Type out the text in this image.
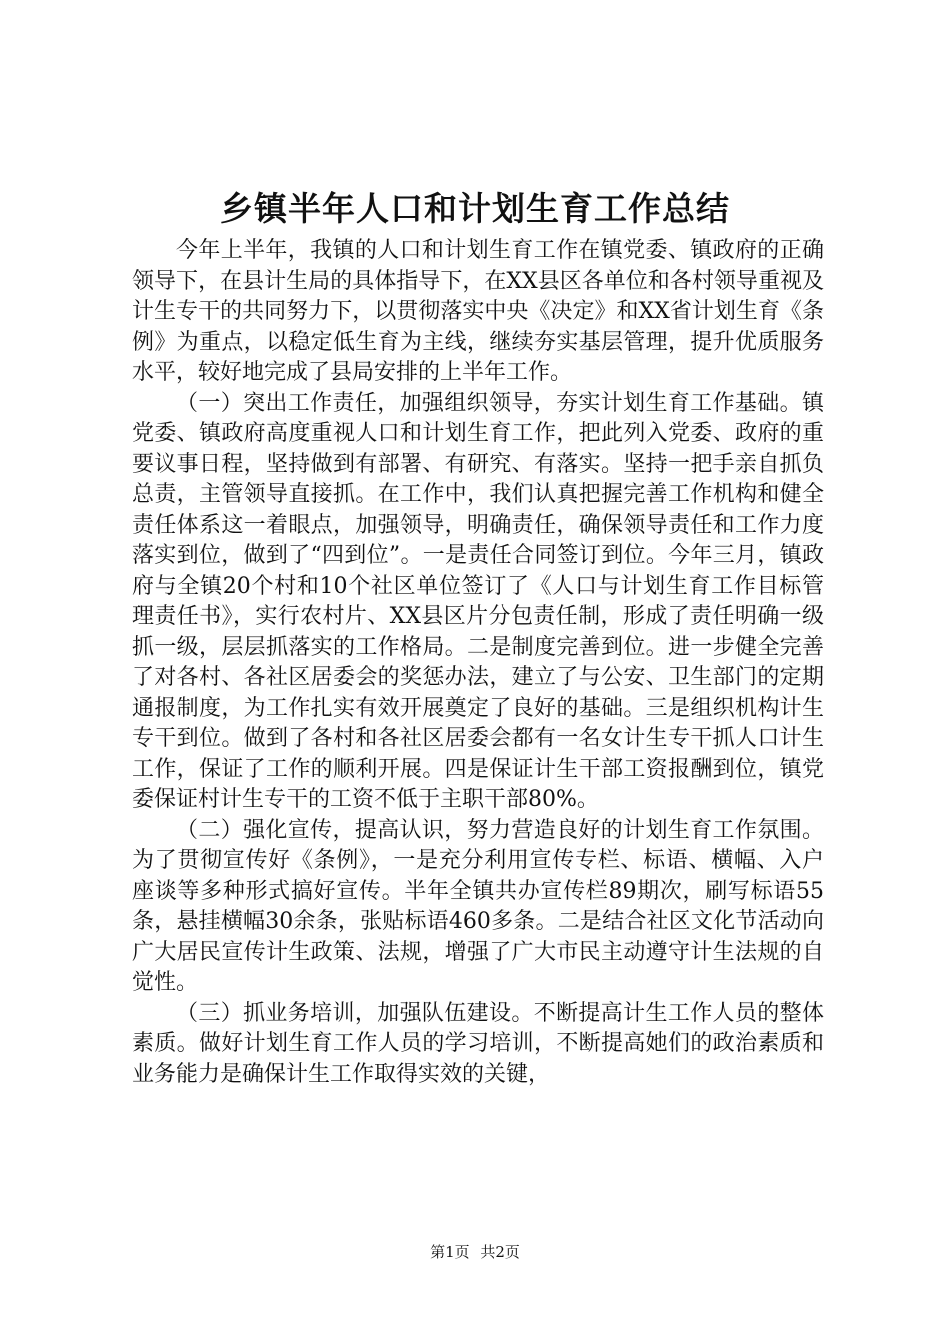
乡镇半年人口和计划生育工作总结

今年上半年，我镇的人口和计划生育工作在镇党委、镇政府的正确领导下，在县计生局的具体指导下，在XX县区各单位和各村领导重视及计生专干的共同努力下，以贯彻落实中央《决定》和XX省计划生育《条例》为重点，以稳定低生育为主线，继续夯实基层管理，提升优质服务水平，较好地完成了县局安排的上半年工作。

（一）突出工作责任，加强组织领导，夯实计划生育工作基础。镇党委、镇政府高度重视人口和计划生育工作，把此列入党委、政府的重要议事日程，坚持做到有部署、有研究、有落实。坚持一把手亲自抓负总责，主管领导直接抓。在工作中，我们认真把握完善工作机构和健全责任体系这一着眼点，加强领导，明确责任，确保领导责任和工作力度落实到位，做到了“四到位”。一是责任合同签订到位。今年三月，镇政府与全镇20个村和10个社区单位签订了《人口与计划生育工作目标管理责任书》，实行农村片、XX县区片分包责任制，形成了责任明确一级抓一级，层层抓落实的工作格局。二是制度完善到位。进一步健全完善了对各村、各社区居委会的奖惩办法，建立了与公安、卫生部门的定期通报制度，为工作扎实有效开展奠定了良好的基础。三是组织机构计生专干到位。做到了各村和各社区居委会都有一名女计生专干抓人口计生工作，保证了工作的顺利开展。四是保证计生干部工资报酬到位，镇党委保证村计生专干的工资不低于主职干部80%。

（二）强化宣传，提高认识，努力营造良好的计划生育工作氛围。为了贯彻宣传好《条例》，一是充分利用宣传专栏、标语、横幅、入户座谈等多种形式搞好宣传。半年全镇共办宣传栏89期次，刷写标语55条，悬挂横幅30余条，张贴标语460多条。二是结合社区文化节活动向广大居民宣传计生政策、法规，增强了广大市民主动遵守计生法规的自觉性。

（三）抓业务培训，加强队伍建设。不断提高计生工作人员的整体素质。做好计划生育工作人员的学习培训，不断提高她们的政治素质和业务能力是确保计生工作取得实效的关键，

第1页 共2页
